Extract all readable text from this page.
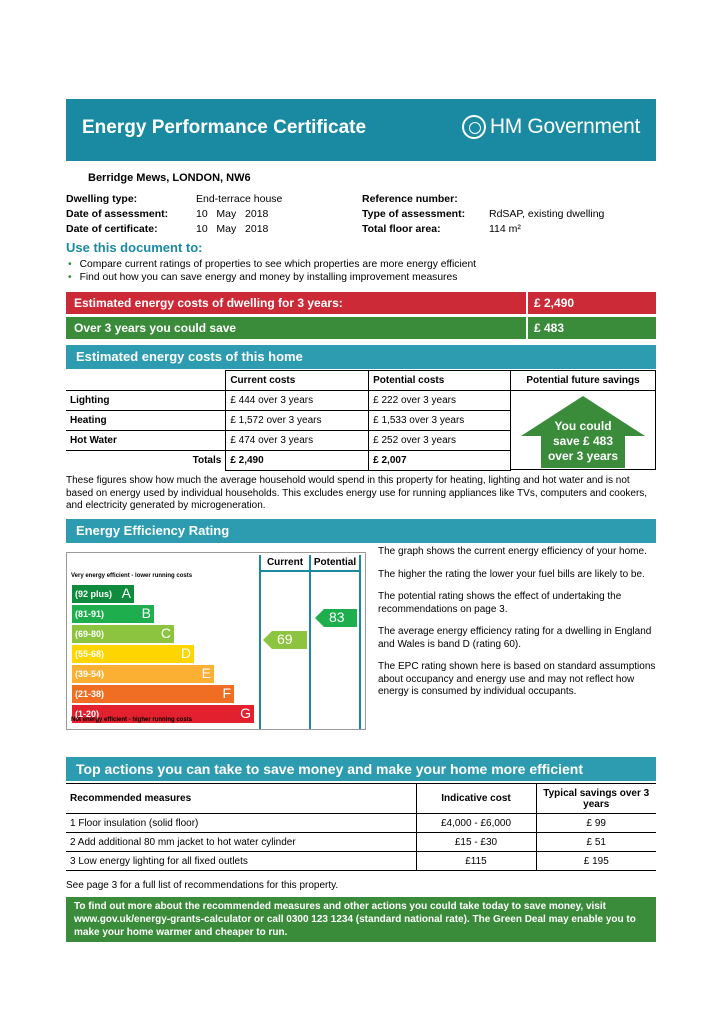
Energy Performance Certificate	HM Government
Berridge Mews, LONDON, NW6
Dwelling type:	End-terrace house
Date of assessment:	10   May   2018
Date of certificate:	10   May   2018
Reference number:
Type of assessment:	RdSAP, existing dwelling
Total floor area:	114 m²
Use this document to:
• Compare current ratings of properties to see which properties are more energy efficient
• Find out how you can save energy and money by installing improvement measures
Estimated energy costs of dwelling for 3 years:	£ 2,490
Over 3 years you could save	£ 483
Estimated energy costs of this home
	Current costs	Potential costs
Lighting	£ 444 over 3 years	£ 222 over 3 years
Heating	£ 1,572 over 3 years	£ 1,533 over 3 years
Hot Water	£ 474 over 3 years	£ 252 over 3 years
Totals	£ 2,490	£ 2,007
Potential future savings
You could
save £ 483
over 3 years
These figures show how much the average household would spend in this property for heating, lighting and hot water and is not based on energy used by individual households. This excludes energy use for running appliances like TVs, computers and cookers, and electricity generated by microgeneration.
Energy Efficiency Rating
Very energy efficient - lower running costs
(92 plus) A
(81-91)	B
(69-80)	C
(55-68)	D
(39-54)	E
(21-38)	F
(1-20)	G
Not energy efficient - higher running costs
Current	Potential
69
83

The graph shows the current energy efficiency of your home.

The higher the rating the lower your fuel bills are likely to be.

The potential rating shows the effect of undertaking the recommendations on page 3.

The average energy efficiency rating for a dwelling in England and Wales is band D (rating 60).

The EPC rating shown here is based on standard assumptions about occupancy and energy use and may not reflect how energy is consumed by individual occupants.

Top actions you can take to save money and make your home more efficient
Recommended measures	Indicative cost	Typical savings over 3 years
1 Floor insulation (solid floor)	£4,000 - £6,000	£ 99
2 Add additional 80 mm jacket to hot water cylinder	£15 - £30	£ 51
3 Low energy lighting for all fixed outlets	£115	£ 195
See page 3 for a full list of recommendations for this property.
To find out more about the recommended measures and other actions you could take today to save money, visit www.gov.uk/energy-grants-calculator or call 0300 123 1234 (standard national rate). The Green Deal may enable you to make your home warmer and cheaper to run.
